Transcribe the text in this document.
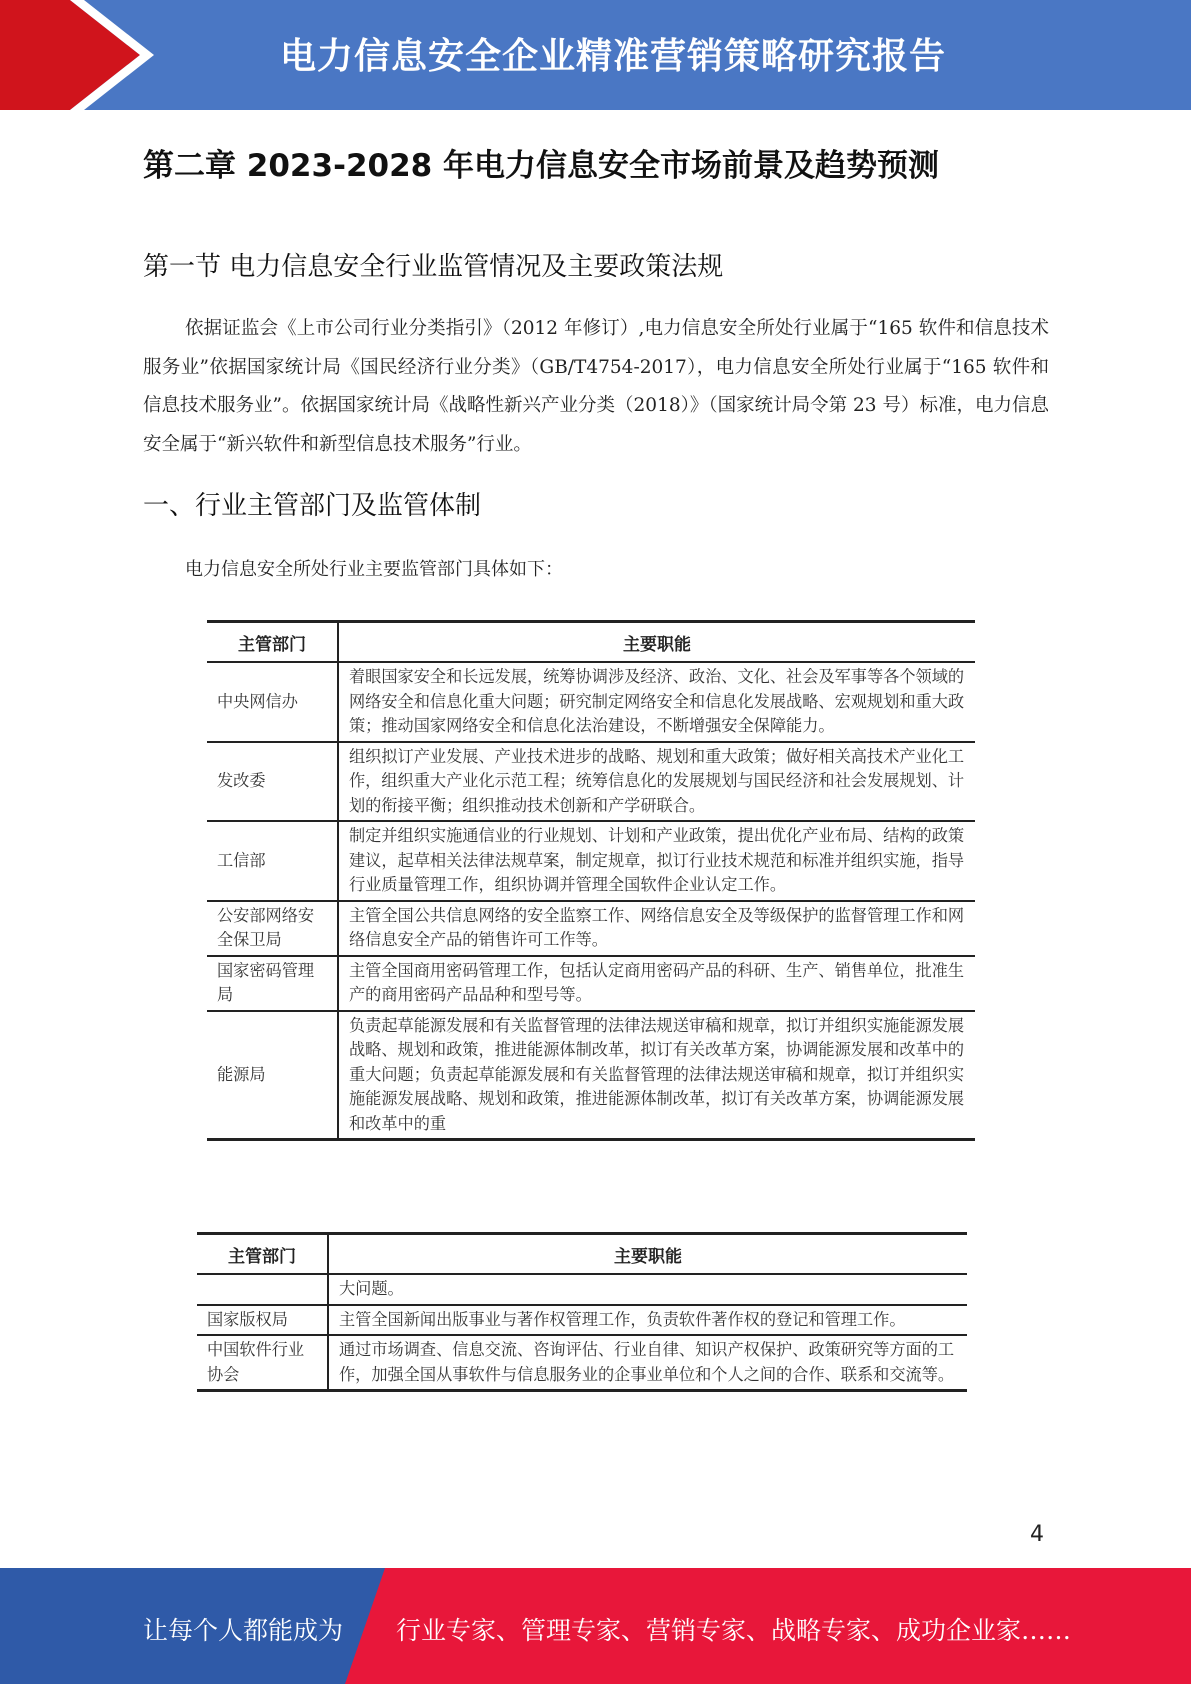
电力信息安全企业精准营销策略研究报告
第二章 2023-2028 年电力信息安全市场前景及趋势预测
第一节 电力信息安全行业监管情况及主要政策法规

依据证监会《上市公司行业分类指引》（2012 年修订）,电力信息安全所处行业属于“165 软件和信息技术服务业”依据国家统计局《国民经济行业分类》（GB/T4754-2017），电力信息安全所处行业属于“165 软件和信息技术服务业”。依据国家统计局《战略性新兴产业分类（2018）》（国家统计局令第 23 号）标准，电力信息安全属于“新兴软件和新型信息技术服务”行业。

一、行业主管部门及监管体制
电力信息安全所处行业主要监管部门具体如下：
主管部门	主要职能
中央网信办	着眼国家安全和长远发展，统筹协调涉及经济、政治、文化、社会及军事等各个领域的网络安全和信息化重大问题；研究制定网络安全和信息化发展战略、宏观规划和重大政策；推动国家网络安全和信息化法治建设，不断增强安全保障能力。
发改委	组织拟订产业发展、产业技术进步的战略、规划和重大政策；做好相关高技术产业化工作，组织重大产业化示范工程；统筹信息化的发展规划与国民经济和社会发展规划、计划的衔接平衡；组织推动技术创新和产学研联合。
工信部	制定并组织实施通信业的行业规划、计划和产业政策，提出优化产业布局、结构的政策建议，起草相关法律法规草案，制定规章，拟订行业技术规范和标准并组织实施，指导行业质量管理工作，组织协调并管理全国软件企业认定工作。
公安部网络安全保卫局	主管全国公共信息网络的安全监察工作、网络信息安全及等级保护的监督管理工作和网络信息安全产品的销售许可工作等。
国家密码管理局	主管全国商用密码管理工作，包括认定商用密码产品的科研、生产、销售单位，批准生产的商用密码产品品种和型号等。
能源局	负责起草能源发展和有关监督管理的法律法规送审稿和规章，拟订并组织实施能源发展战略、规划和政策，推进能源体制改革，拟订有关改革方案，协调能源发展和改革中的重大问题；负责起草能源发展和有关监督管理的法律法规送审稿和规章，拟订并组织实施能源发展战略、规划和政策，推进能源体制改革，拟订有关改革方案，协调能源发展和改革中的重
主管部门	主要职能
	大问题。
国家版权局	主管全国新闻出版事业与著作权管理工作，负责软件著作权的登记和管理工作。
中国软件行业协会	通过市场调查、信息交流、咨询评估、行业自律、知识产权保护、政策研究等方面的工作，加强全国从事软件与信息服务业的企事业单位和个人之间的合作、联系和交流等。
4
让每个人都能成为 行业专家、管理专家、营销专家、战略专家、成功企业家……
